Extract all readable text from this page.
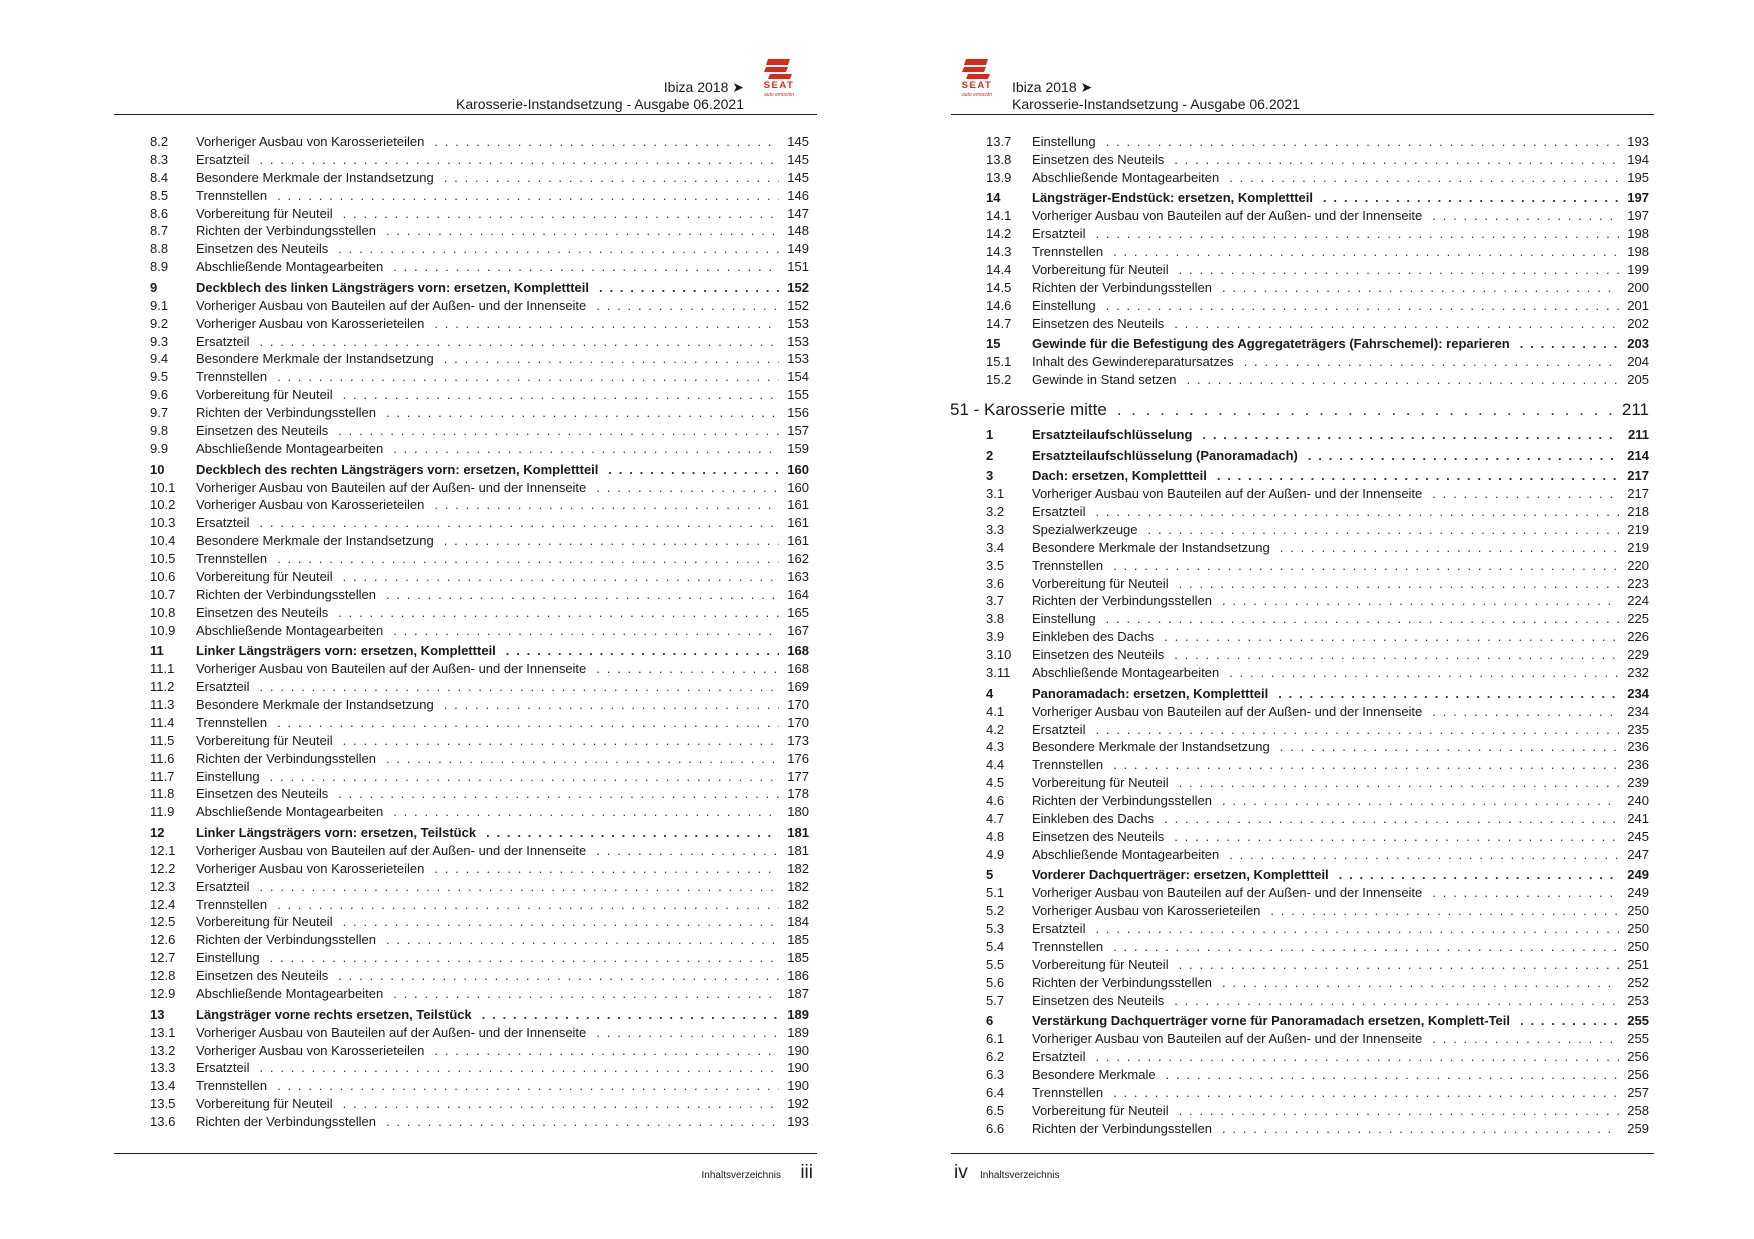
Ibiza 2018 ➤
Karosserie-Instandsetzung - Ausgabe 06.2021
SEAT
auto emoción
8.2	Vorheriger Ausbau von Karosserieteilen . . .	145
8.3	Ersatzteil . . .	145
8.4	Besondere Merkmale der Instandsetzung . . .	145
8.5	Trennstellen . . .	146
8.6	Vorbereitung für Neuteil . . .	147
8.7	Richten der Verbindungsstellen . . .	148
8.8	Einsetzen des Neuteils . . .	149
8.9	Abschließende Montagearbeiten . . .	151
9	Deckblech des linken Längsträgers vorn: ersetzen, Komplettteil . . .	152
9.1	Vorheriger Ausbau von Bauteilen auf der Außen- und der Innenseite . . .	152
9.2	Vorheriger Ausbau von Karosserieteilen . . .	153
9.3	Ersatzteil . . .	153
9.4	Besondere Merkmale der Instandsetzung . . .	153
9.5	Trennstellen . . .	154
9.6	Vorbereitung für Neuteil . . .	155
9.7	Richten der Verbindungsstellen . . .	156
9.8	Einsetzen des Neuteils . . .	157
9.9	Abschließende Montagearbeiten . . .	159
10	Deckblech des rechten Längsträgers vorn: ersetzen, Komplettteil . . .	160
10.1	Vorheriger Ausbau von Bauteilen auf der Außen- und der Innenseite . . .	160
10.2	Vorheriger Ausbau von Karosserieteilen . . .	161
10.3	Ersatzteil . . .	161
10.4	Besondere Merkmale der Instandsetzung . . .	161
10.5	Trennstellen . . .	162
10.6	Vorbereitung für Neuteil . . .	163
10.7	Richten der Verbindungsstellen . . .	164
10.8	Einsetzen des Neuteils . . .	165
10.9	Abschließende Montagearbeiten . . .	167
11	Linker Längsträgers vorn: ersetzen, Komplettteil . . .	168
11.1	Vorheriger Ausbau von Bauteilen auf der Außen- und der Innenseite . . .	168
11.2	Ersatzteil . . .	169
11.3	Besondere Merkmale der Instandsetzung . . .	170
11.4	Trennstellen . . .	170
11.5	Vorbereitung für Neuteil . . .	173
11.6	Richten der Verbindungsstellen . . .	176
11.7	Einstellung . . .	177
11.8	Einsetzen des Neuteils . . .	178
11.9	Abschließende Montagearbeiten . . .	180
12	Linker Längsträgers vorn: ersetzen, Teilstück . . .	181
12.1	Vorheriger Ausbau von Bauteilen auf der Außen- und der Innenseite . . .	181
12.2	Vorheriger Ausbau von Karosserieteilen . . .	182
12.3	Ersatzteil . . .	182
12.4	Trennstellen . . .	182
12.5	Vorbereitung für Neuteil . . .	184
12.6	Richten der Verbindungsstellen . . .	185
12.7	Einstellung . . .	185
12.8	Einsetzen des Neuteils . . .	186
12.9	Abschließende Montagearbeiten . . .	187
13	Längsträger vorne rechts ersetzen, Teilstück . . .	189
13.1	Vorheriger Ausbau von Bauteilen auf der Außen- und der Innenseite . . .	189
13.2	Vorheriger Ausbau von Karosserieteilen . . .	190
13.3	Ersatzteil . . .	190
13.4	Trennstellen . . .	190
13.5	Vorbereitung für Neuteil . . .	192
13.6	Richten der Verbindungsstellen . . .	193
Inhaltsverzeichnis iii
SEAT
auto emoción	Ibiza 2018 ➤
Karosserie-Instandsetzung - Ausgabe 06.2021
13.7	Einstellung . . .	193
13.8	Einsetzen des Neuteils . . .	194
13.9	Abschließende Montagearbeiten . . .	195
14	Längsträger-Endstück: ersetzen, Komplettteil . . .	197
14.1	Vorheriger Ausbau von Bauteilen auf der Außen- und der Innenseite . . .	197
14.2	Ersatzteil . . .	198
14.3	Trennstellen . . .	198
14.4	Vorbereitung für Neuteil . . .	199
14.5	Richten der Verbindungsstellen . . .	200
14.6	Einstellung . . .	201
14.7	Einsetzen des Neuteils . . .	202
15	Gewinde für die Befestigung des Aggregateträgers (Fahrschemel): reparieren . . .	203
15.1	Inhalt des Gewindereparatursatzes . . .	204
15.2	Gewinde in Stand setzen . . .	205
51 - Karosserie mitte . . .	211
1	Ersatzteilaufschlüsselung . . .	211
2	Ersatzteilaufschlüsselung (Panoramadach) . . .	214
3	Dach: ersetzen, Komplettteil . . .	217
3.1	Vorheriger Ausbau von Bauteilen auf der Außen- und der Innenseite . . .	217
3.2	Ersatzteil . . .	218
3.3	Spezialwerkzeuge . . .	219
3.4	Besondere Merkmale der Instandsetzung . . .	219
3.5	Trennstellen . . .	220
3.6	Vorbereitung für Neuteil . . .	223
3.7	Richten der Verbindungsstellen . . .	224
3.8	Einstellung . . .	225
3.9	Einkleben des Dachs . . .	226
3.10	Einsetzen des Neuteils . . .	229
3.11	Abschließende Montagearbeiten . . .	232
4	Panoramadach: ersetzen, Komplettteil . . .	234
4.1	Vorheriger Ausbau von Bauteilen auf der Außen- und der Innenseite . . .	234
4.2	Ersatzteil . . .	235
4.3	Besondere Merkmale der Instandsetzung . . .	236
4.4	Trennstellen . . .	236
4.5	Vorbereitung für Neuteil . . .	239
4.6	Richten der Verbindungsstellen . . .	240
4.7	Einkleben des Dachs . . .	241
4.8	Einsetzen des Neuteils . . .	245
4.9	Abschließende Montagearbeiten . . .	247
5	Vorderer Dachquerträger: ersetzen, Komplettteil . . .	249
5.1	Vorheriger Ausbau von Bauteilen auf der Außen- und der Innenseite . . .	249
5.2	Vorheriger Ausbau von Karosserieteilen . . .	250
5.3	Ersatzteil . . .	250
5.4	Trennstellen . . .	250
5.5	Vorbereitung für Neuteil . . .	251
5.6	Richten der Verbindungsstellen . . .	252
5.7	Einsetzen des Neuteils . . .	253
6	Verstärkung Dachquerträger vorne für Panoramadach ersetzen, Komplett-Teil . . .	255
6.1	Vorheriger Ausbau von Bauteilen auf der Außen- und der Innenseite . . .	255
6.2	Ersatzteil . . .	256
6.3	Besondere Merkmale . . .	256
6.4	Trennstellen . . .	257
6.5	Vorbereitung für Neuteil . . .	258
6.6	Richten der Verbindungsstellen . . .	259
iv Inhaltsverzeichnis
